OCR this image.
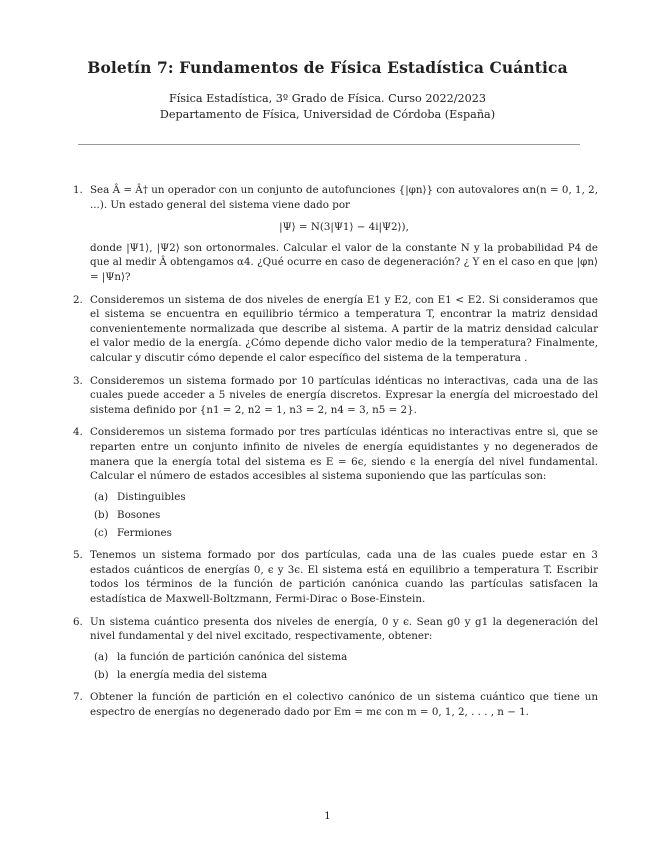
Boletín 7: Fundamentos de Física Estadística Cuántica
Física Estadística, 3º Grado de Física. Curso 2022/2023
Departamento de Física, Universidad de Córdoba (España)
1. Sea Â = Â† un operador con un conjunto de autofunciones {|φn⟩} con autovalores αn(n = 0, 1, 2, ...). Un estado general del sistema viene dado por
|Ψ⟩ = N(3|Ψ1⟩ − 4i|Ψ2⟩),
donde |Ψ1⟩, |Ψ2⟩ son ortonormales. Calcular el valor de la constante N y la probabilidad P4 de que al medir Â obtengamos α4. ¿Qué ocurre en caso de degeneración? ¿ Y en el caso en que |φn⟩ = |Ψn⟩?
2. Consideremos un sistema de dos niveles de energía E1 y E2, con E1 < E2. Si consideramos que el sistema se encuentra en equilibrio térmico a temperatura T, encontrar la matriz densidad convenientemente normalizada que describe al sistema. A partir de la matriz densidad calcular el valor medio de la energía. ¿Cómo depende dicho valor medio de la temperatura? Finalmente, calcular y discutir cómo depende el calor específico del sistema de la temperatura .
3. Consideremos un sistema formado por 10 partículas idénticas no interactivas, cada una de las cuales puede acceder a 5 niveles de energía discretos. Expresar la energía del microestado del sistema definido por {n1 = 2, n2 = 1, n3 = 2, n4 = 3, n5 = 2}.
4. Consideremos un sistema formado por tres partículas idénticas no interactivas entre si, que se reparten entre un conjunto infinito de niveles de energía equidistantes y no degenerados de manera que la energía total del sistema es E = 6ϵ, siendo ϵ la energía del nivel fundamental. Calcular el número de estados accesibles al sistema suponiendo que las partículas son:
(a) Distinguibles
(b) Bosones
(c) Fermiones
5. Tenemos un sistema formado por dos partículas, cada una de las cuales puede estar en 3 estados cuánticos de energías 0, ϵ y 3ϵ. El sistema está en equilibrio a temperatura T. Escribir todos los términos de la función de partición canónica cuando las partículas satisfacen la estadística de Maxwell-Boltzmann, Fermi-Dirac o Bose-Einstein.
6. Un sistema cuántico presenta dos niveles de energía, 0 y ϵ. Sean g0 y g1 la degeneración del nivel fundamental y del nivel excitado, respectivamente, obtener:
(a) la función de partición canónica del sistema
(b) la energía media del sistema
7. Obtener la función de partición en el colectivo canónico de un sistema cuántico que tiene un espectro de energías no degenerado dado por Em = mϵ con m = 0, 1, 2, . . . , n − 1.
1
